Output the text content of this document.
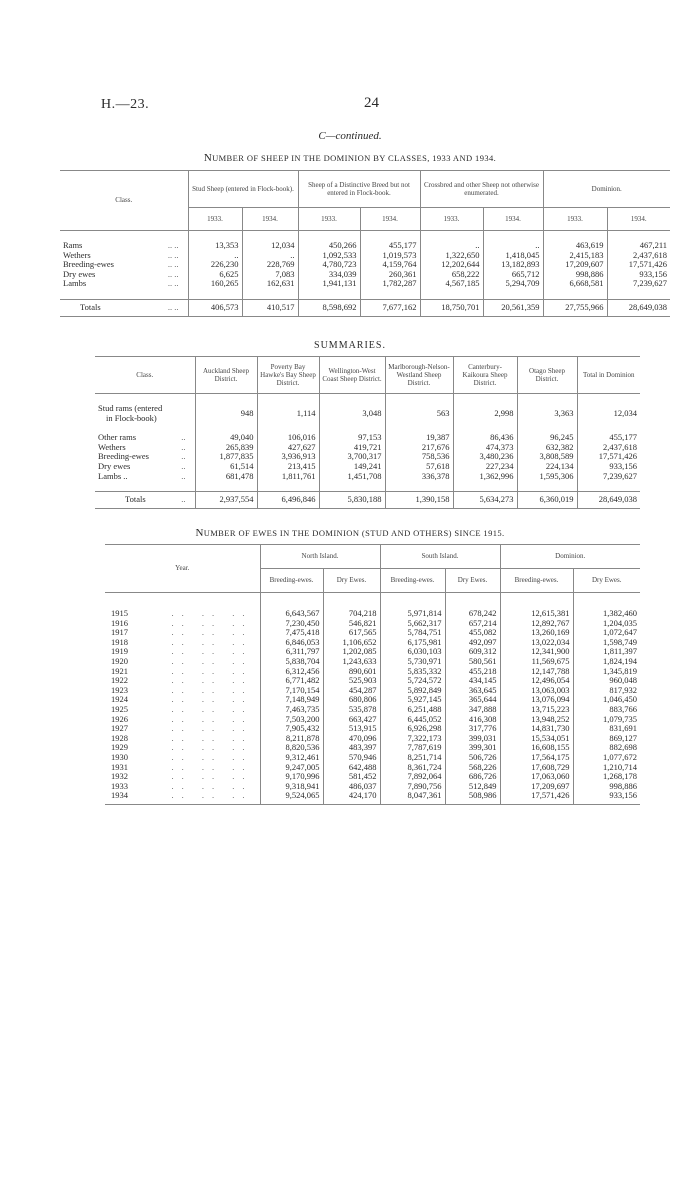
H.—23.	24
C—continued.
NUMBER OF SHEEP IN THE DOMINION BY CLASSES, 1933 AND 1934.
Class.	Stud Sheep (entered in Flock-book).		Sheep of a Distinctive Breed but not entered in Flock-book.		Crossbred and other Sheep not otherwise enumerated.		Dominion.	
	1933.	1934.	1933.	1934.	1933.	1934.	1933.	1934.

Rams .. ..	13,353	12,034	450,266	455,177	..	..	463,619	467,211
Wethers .. ..	..	..	1,092,533	1,019,573	1,322,650	1,418,045	2,415,183	2,437,618
Breeding-ewes .. ..	226,230	228,769	4,780,723	4,159,764	12,202,644	13,182,893	17,209,607	17,571,426
Dry ewes .. ..	6,625	7,083	334,039	260,361	658,222	665,712	998,886	933,156
Lambs .. ..	160,265	162,631	1,941,131	1,782,287	4,567,185	5,294,709	6,668,581	7,239,627

Totals .. ..	406,573	410,517	8,598,692	7,677,162	18,750,701	20,561,359	27,755,966	28,649,038
SUMMARIES.
Class.	Auckland Sheep District.	Poverty Bay Hawke's Bay Sheep District.	Wellington-West Coast Sheep District.	Marlborough-Nelson-Westland Sheep District.	Canterbury-Kaikoura Sheep District.	Otago Sheep District.	Total in Dominion

Stud rams (entered
in Flock-book)	948	1,114	3,048	563	2,998	3,363	12,034

Other rams ..	49,040	106,016	97,153	19,387	86,436	96,245	455,177
Wethers ..	265,839	427,627	419,721	217,676	474,373	632,382	2,437,618
Breeding-ewes ..	1,877,835	3,936,913	3,700,317	758,536	3,480,236	3,808,589	17,571,426
Dry ewes ..	61,514	213,415	149,241	57,618	227,234	224,134	933,156
Lambs .. ..	681,478	1,811,761	1,451,708	336,378	1,362,996	1,595,306	7,239,627

Totals ..	2,937,554	6,496,846	5,830,188	1,390,158	5,634,273	6,360,019	28,649,038
NUMBER OF EWES IN THE DOMINION (STUD AND OTHERS) SINCE 1915.
Year.	North Island.		South Island.		Dominion.	
	Breeding-ewes.	Dry Ewes.	Breeding-ewes.	Dry Ewes.	Breeding-ewes.	Dry Ewes.

1915 .. .. ..	6,643,567	704,218	5,971,814	678,242	12,615,381	1,382,460
1916 .. .. ..	7,230,450	546,821	5,662,317	657,214	12,892,767	1,204,035
1917 .. .. ..	7,475,418	617,565	5,784,751	455,082	13,260,169	1,072,647
1918 .. .. ..	6,846,053	1,106,652	6,175,981	492,097	13,022,034	1,598,749
1919 .. .. ..	6,311,797	1,202,085	6,030,103	609,312	12,341,900	1,811,397
1920 .. .. ..	5,838,704	1,243,633	5,730,971	580,561	11,569,675	1,824,194
1921 .. .. ..	6,312,456	890,601	5,835,332	455,218	12,147,788	1,345,819
1922 .. .. ..	6,771,482	525,903	5,724,572	434,145	12,496,054	960,048
1923 .. .. ..	7,170,154	454,287	5,892,849	363,645	13,063,003	817,932
1924 .. .. ..	7,148,949	680,806	5,927,145	365,644	13,076,094	1,046,450
1925 .. .. ..	7,463,735	535,878	6,251,488	347,888	13,715,223	883,766
1926 .. .. ..	7,503,200	663,427	6,445,052	416,308	13,948,252	1,079,735
1927 .. .. ..	7,905,432	513,915	6,926,298	317,776	14,831,730	831,691
1928 .. .. ..	8,211,878	470,096	7,322,173	399,031	15,534,051	869,127
1929 .. .. ..	8,820,536	483,397	7,787,619	399,301	16,608,155	882,698
1930 .. .. ..	9,312,461	570,946	8,251,714	506,726	17,564,175	1,077,672
1931 .. .. ..	9,247,005	642,488	8,361,724	568,226	17,608,729	1,210,714
1932 .. .. ..	9,170,996	581,452	7,892,064	686,726	17,063,060	1,268,178
1933 .. .. ..	9,318,941	486,037	7,890,756	512,849	17,209,697	998,886
1934 .. .. ..	9,524,065	424,170	8,047,361	508,986	17,571,426	933,156
